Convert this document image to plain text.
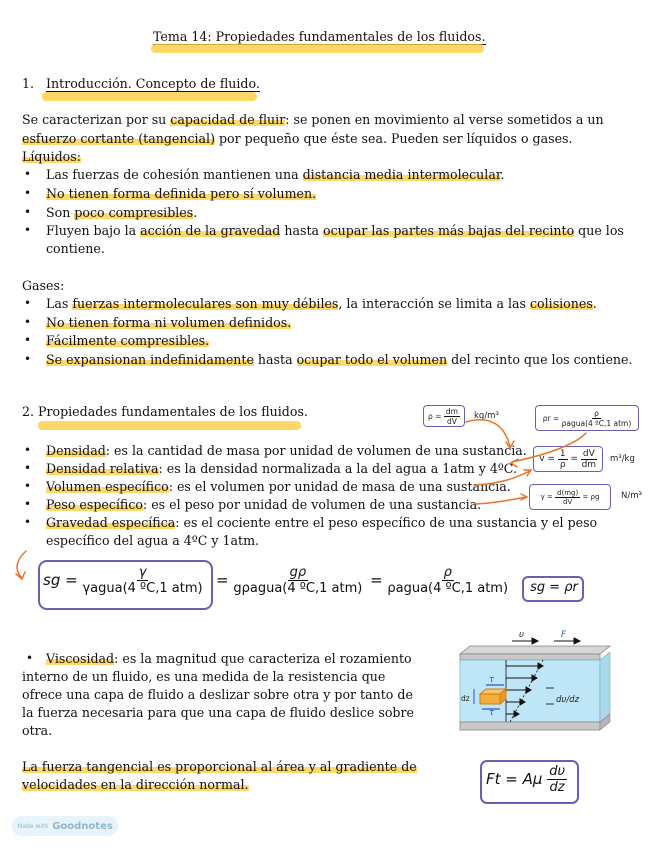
Tema 14: Propiedades fundamentales de los fluidos.
1. Introducción. Concepto de fluido.
Se caracterizan por su capacidad de fluir: se ponen en movimiento al verse sometidos a un
esfuerzo cortante (tangencial) por pequeño que éste sea. Pueden ser líquidos o gases.
Líquidos:
• Las fuerzas de cohesión mantienen una distancia media intermolecular.
• No tienen forma definida pero sí volumen.
• Son poco compresibles.
• Fluyen bajo la acción de la gravedad hasta ocupar las partes más bajas del recinto que los
contiene.
Gases:
• Las fuerzas intermoleculares son muy débiles, la interacción se limita a las colisiones.
• No tienen forma ni volumen definidos.
• Fácilmente compresibles.
• Se expansionan indefinidamente hasta ocupar todo el volumen del recinto que los contiene.
2. Propiedades fundamentales de los fluidos.
• Densidad: es la cantidad de masa por unidad de volumen de una sustancia.
• Densidad relativa: es la densidad normalizada a la del agua a 1atm y 4ºC.
• Volumen específico: es el volumen por unidad de masa de una sustancia.
• Peso específico: es el peso por unidad de volumen de una sustancia.
• Gravedad específica: es el cociente entre el peso específico de una sustancia y el peso
específico del agua a 4ºC y 1atm.
ρ =
$\frac{dm}{dV} kg/m^3$	ρr =
$\frac{\rho}{\text{ρagua(4 ºC,1 atm)}}$
v =
$\frac{1}{\rho}$
=
$\frac{dV}{dm} m^3/kg$
γ =
$\frac{d(mg)}{dV}$
= ρg	N/m³
sg = $\frac{\gamma}{\text{γagua(4 ºC,1 atm)}} = \frac{g\rho}{\text{gρagua(4 ºC,1 atm)}} = \frac{\rho}{\text{ρagua(4 ºC,1 atm)}}$	sg = ρr
• Viscosidad: es la magnitud que caracteriza el rozamiento
interno de un fluido, es una medida de la resistencia que
ofrece una capa de fluido a deslizar sobre otra y por tanto de
la fuerza necesaria para que una capa de fluido deslice sobre
otra.
La fuerza tangencial es proporcional al área y al gradiente de
velocidades en la dirección normal.
υ	F
τ
τ
dz	dυ/dz
Ft = Aμ $\frac{d\upsilon}{dz}$
Made with Goodnotes
